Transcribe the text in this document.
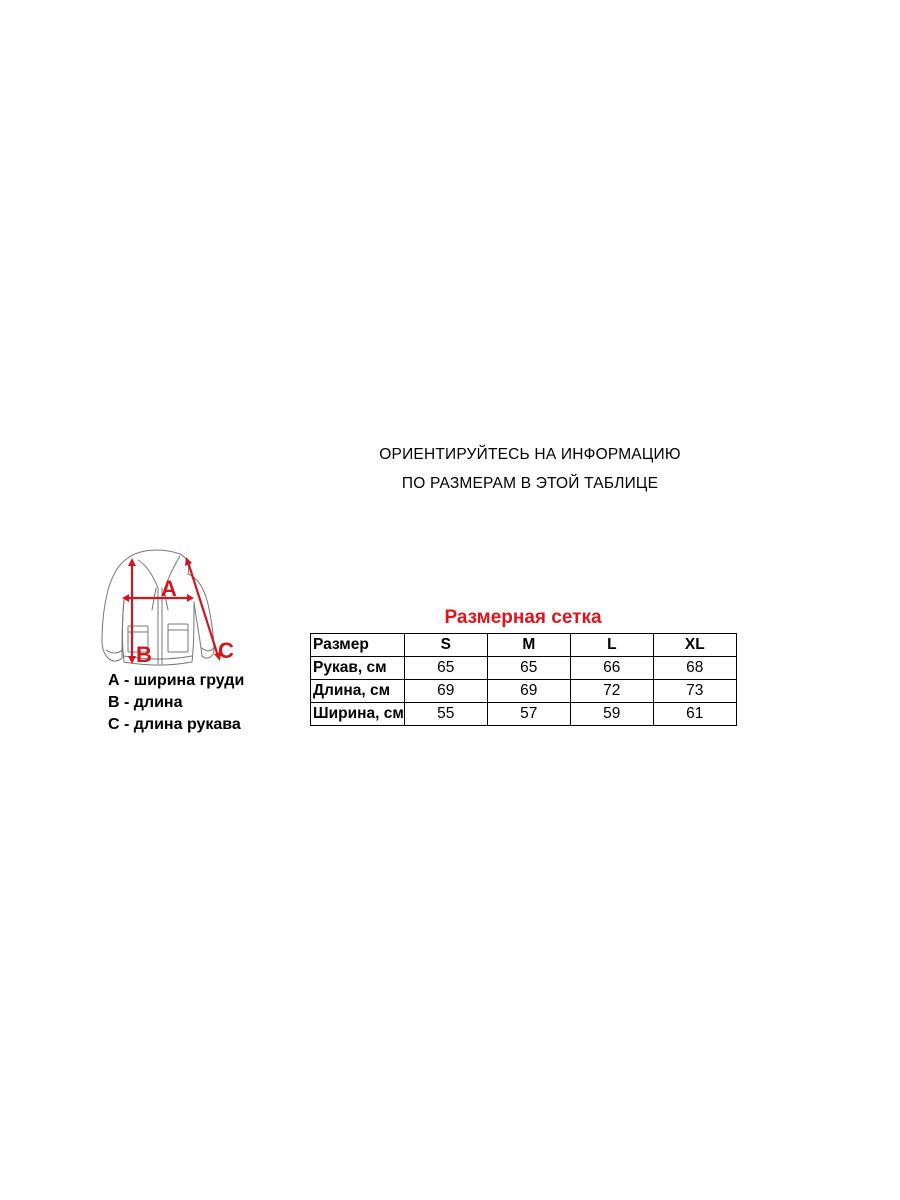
ОРИЕНТИРУЙТЕСЬ НА ИНФОРМАЦИЮ
ПО РАЗМЕРАМ В ЭТОЙ ТАБЛИЦЕ
A
B	C
А - ширина груди
В - длина
С - длина рукава
Размерная сетка
Размер	S	M	L	XL
Рукав, см	65	65	66	68
Длина, см	69	69	72	73
Ширина, см	55	57	59	61
